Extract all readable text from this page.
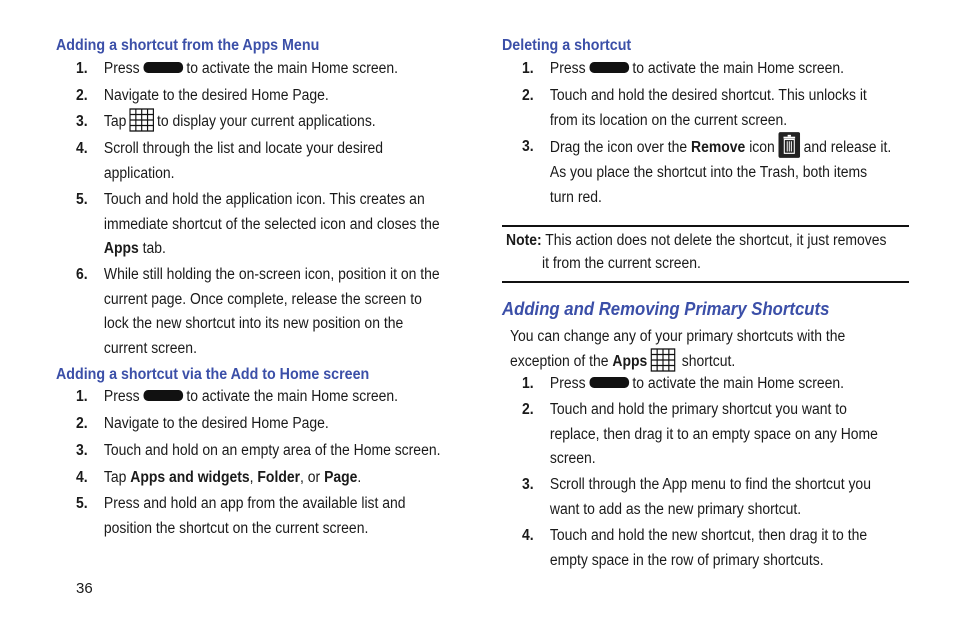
Adding a shortcut from the Apps Menu
1. Press	to activate the main Home screen.
2. Navigate to the desired Home Page.
3. Tap to display your current applications.
4. Scroll through the list and locate your desired
application.
5. Touch and hold the application icon. This creates an
immediate shortcut of the selected icon and closes the
Apps tab.
6. While still holding the on-screen icon, position it on the
current page. Once complete, release the screen to
lock the new shortcut into its new position on the
current screen.
Adding a shortcut via the Add to Home screen
1. Press	to activate the main Home screen.
2. Navigate to the desired Home Page.
3. Touch and hold on an empty area of the Home screen.
4. Tap Apps and widgets, Folder, or Page.
5. Press and hold an app from the available list and
position the shortcut on the current screen.
Deleting a shortcut
1. Press	to activate the main Home screen.
2. Touch and hold the desired shortcut. This unlocks it
from its location on the current screen.
3. Drag the icon over the Remove icon and release it.
As you place the shortcut into the Trash, both items
turn red.
Note: This action does not delete the shortcut, it just removes
it from the current screen.
Adding and Removing Primary Shortcuts
You can change any of your primary shortcuts with the
exception of the Apps shortcut.
1. Press	to activate the main Home screen.
2. Touch and hold the primary shortcut you want to
replace, then drag it to an empty space on any Home
screen.
3. Scroll through the App menu to find the shortcut you
want to add as the new primary shortcut.
4. Touch and hold the new shortcut, then drag it to the
empty space in the row of primary shortcuts.
36
